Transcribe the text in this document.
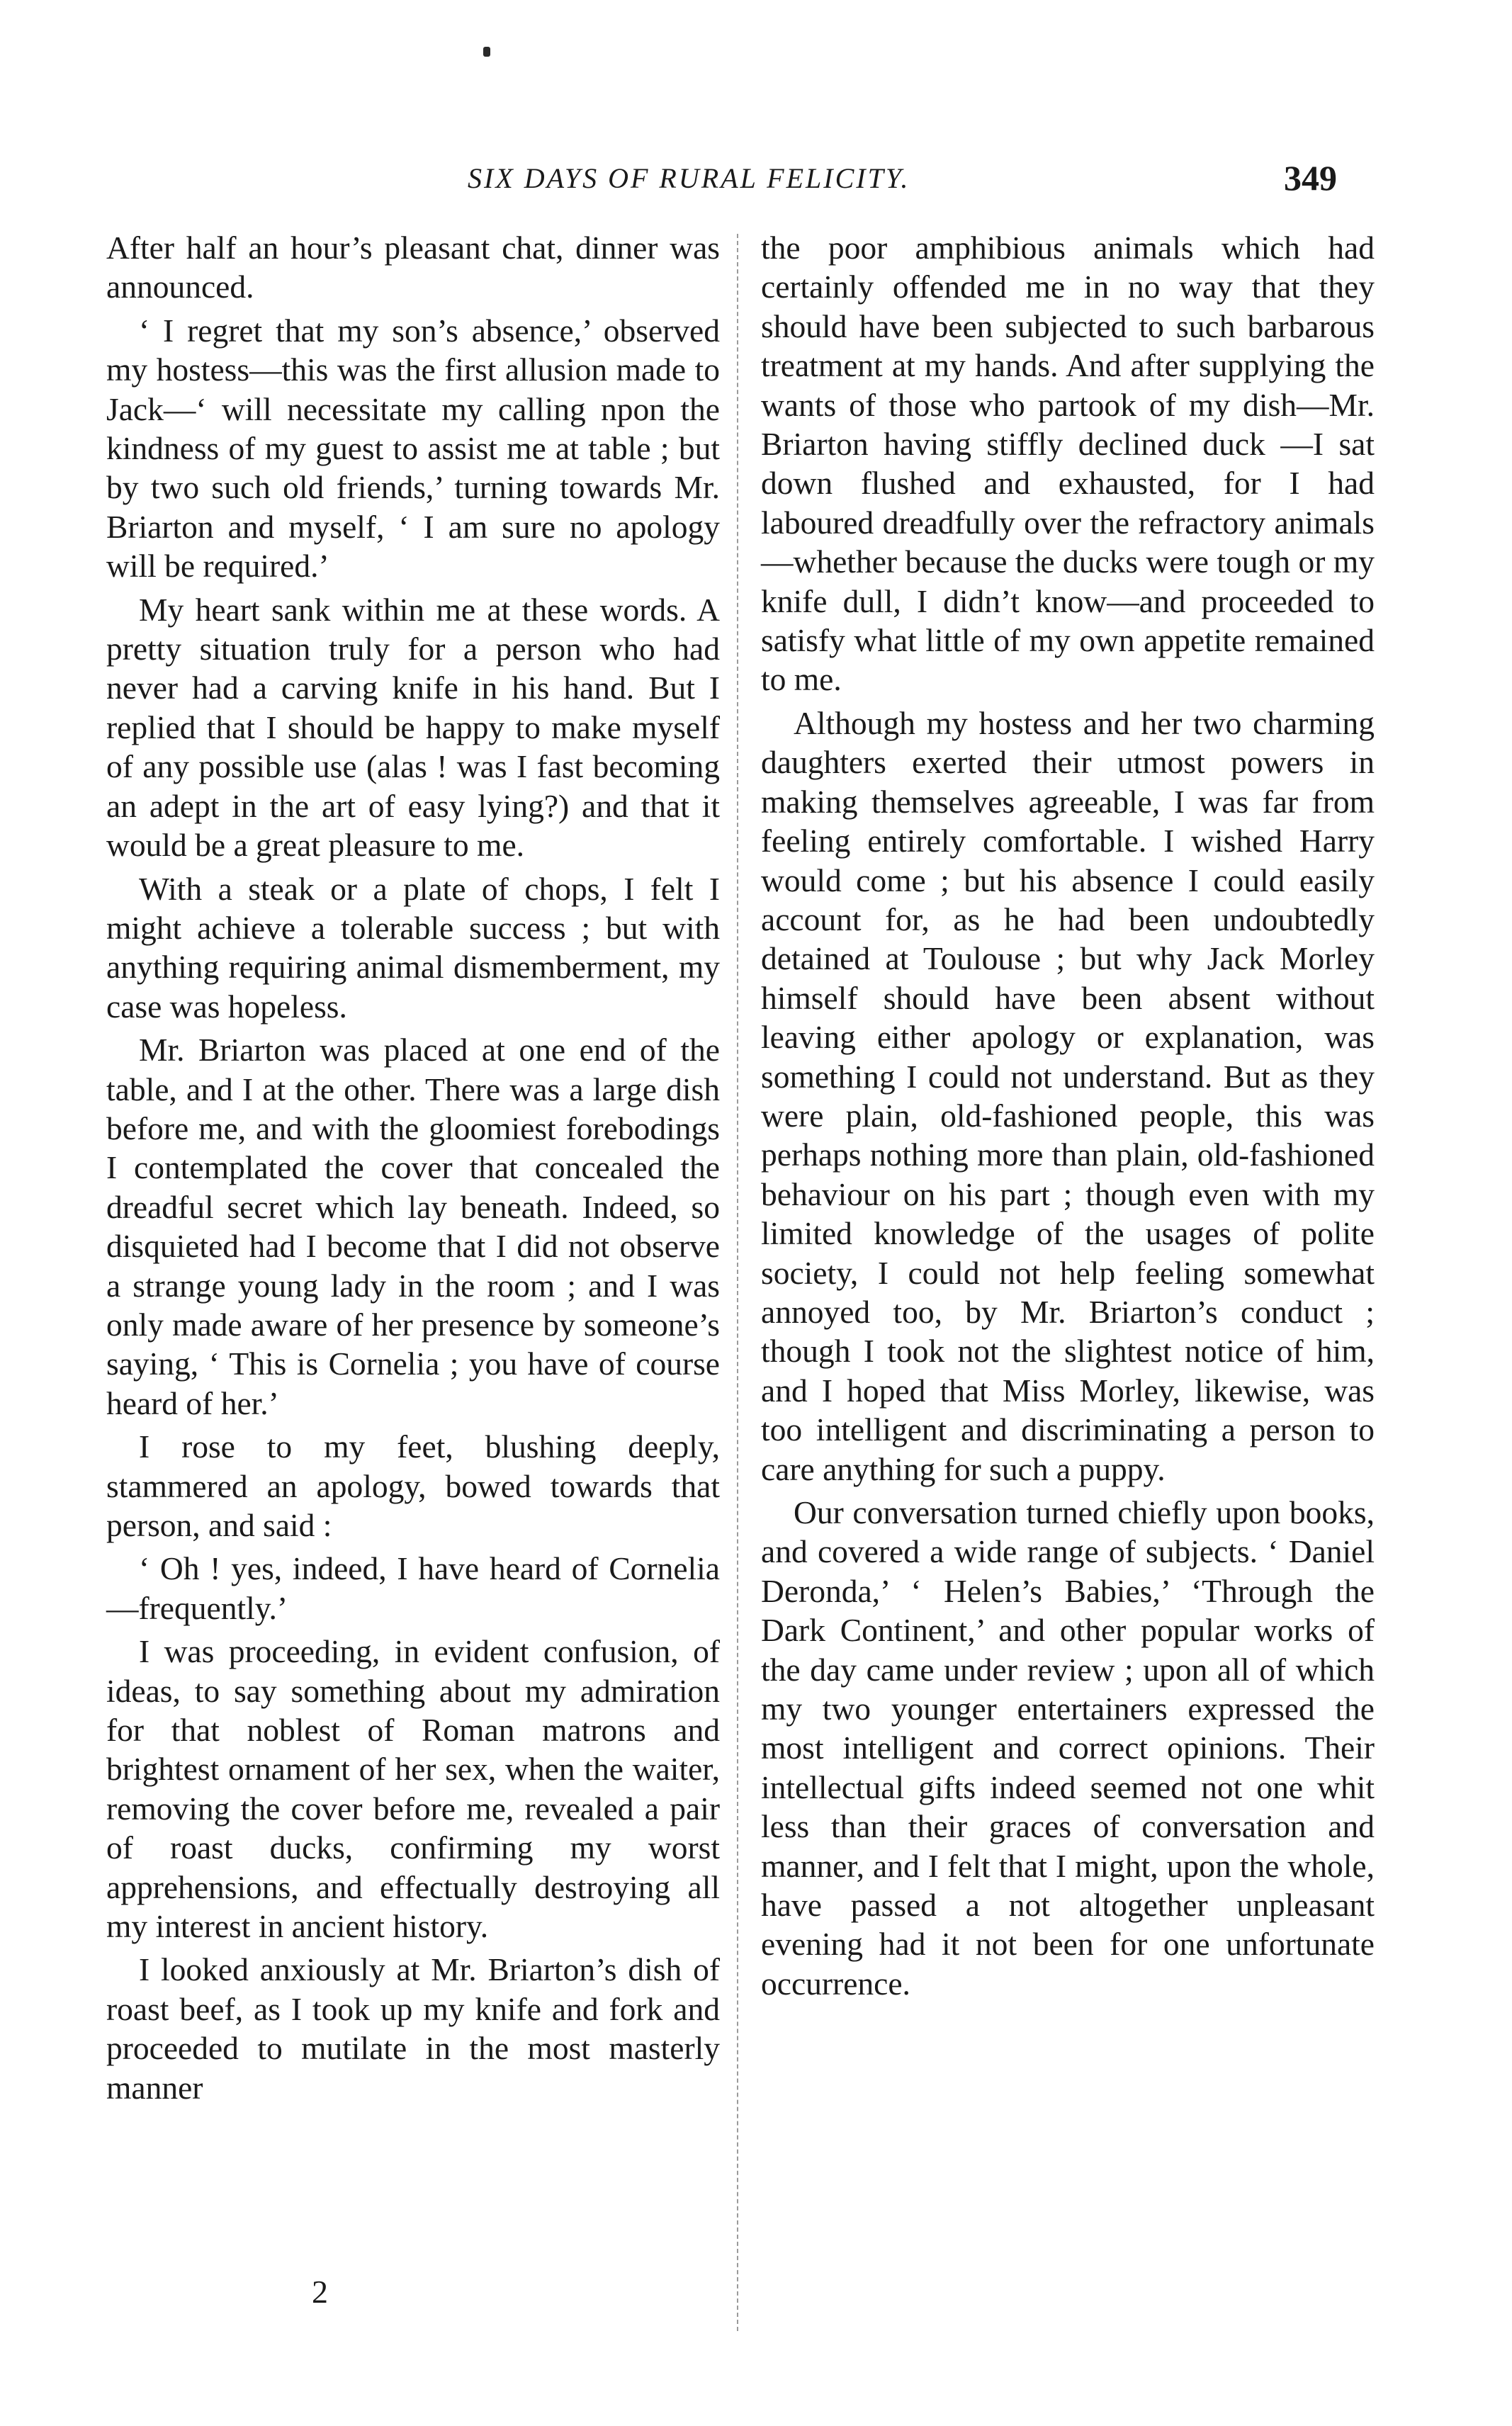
SIX DAYS OF RURAL FELICITY.	349

After half an hour’s pleasant chat, dinner was announced.

‘ I regret that my son’s absence,’ observed my hostess—this was the first allusion made to Jack—‘ will necessitate my calling npon the kindness of my guest to assist me at table ; but by two such old friends,’ turning towards Mr. Briarton and myself, ‘ I am sure no apology will be required.’

My heart sank within me at these words. A pretty situation truly for a person who had never had a carving knife in his hand. But I replied that I should be happy to make myself of any possible use (alas ! was I fast becoming an adept in the art of easy lying?) and that it would be a great pleasure to me.

With a steak or a plate of chops, I felt I might achieve a tolerable success ; but with anything requiring animal dismemberment, my case was hopeless.

Mr. Briarton was placed at one end of the table, and I at the other. There was a large dish before me, and with the gloomiest forebodings I contemplated the cover that concealed the dreadful secret which lay beneath. Indeed, so disquieted had I become that I did not observe a strange young lady in the room ; and I was only made aware of her presence by someone’s saying, ‘ This is Cornelia ; you have of course heard of her.’

I rose to my feet, blushing deeply, stammered an apology, bowed towards that person, and said :

‘ Oh ! yes, indeed, I have heard of Cornelia—frequently.’

I was proceeding, in evident confusion, of ideas, to say something about my admiration for that noblest of Roman matrons and brightest ornament of her sex, when the waiter, removing the cover before me, revealed a pair of roast ducks, confirming my worst apprehensions, and effectually destroying all my interest in ancient history.

I looked anxiously at Mr. Briarton’s dish of roast beef, as I took up my knife and fork and proceeded to mutilate in the most masterly manner

the poor amphibious animals which had certainly offended me in no way that they should have been subjected to such barbarous treatment at my hands. And after supplying the wants of those who partook of my dish—Mr. Briarton having stiffly declined duck —I sat down flushed and exhausted, for I had laboured dreadfully over the refractory animals—whether because the ducks were tough or my knife dull, I didn’t know—and proceeded to satisfy what little of my own appetite remained to me.

Although my hostess and her two charming daughters exerted their utmost powers in making themselves agreeable, I was far from feeling entirely comfortable. I wished Harry would come ; but his absence I could easily account for, as he had been undoubtedly detained at Toulouse ; but why Jack Morley himself should have been absent without leaving either apology or explanation, was something I could not understand. But as they were plain, old-fashioned people, this was perhaps nothing more than plain, old-fashioned behaviour on his part ; though even with my limited knowledge of the usages of polite society, I could not help feeling somewhat annoyed too, by Mr. Briarton’s conduct ; though I took not the slightest notice of him, and I hoped that Miss Morley, likewise, was too intelligent and discriminating a person to care anything for such a puppy.

Our conversation turned chiefly upon books, and covered a wide range of subjects. ‘ Daniel Deronda,’ ‘ Helen’s Babies,’ ‘Through the Dark Continent,’ and other popular works of the day came under review ; upon all of which my two younger entertainers expressed the most intelligent and correct opinions. Their intellectual gifts indeed seemed not one whit less than their graces of conversation and manner, and I felt that I might, upon the whole, have passed a not altogether unpleasant evening had it not been for one unfortunate occurrence.

2
